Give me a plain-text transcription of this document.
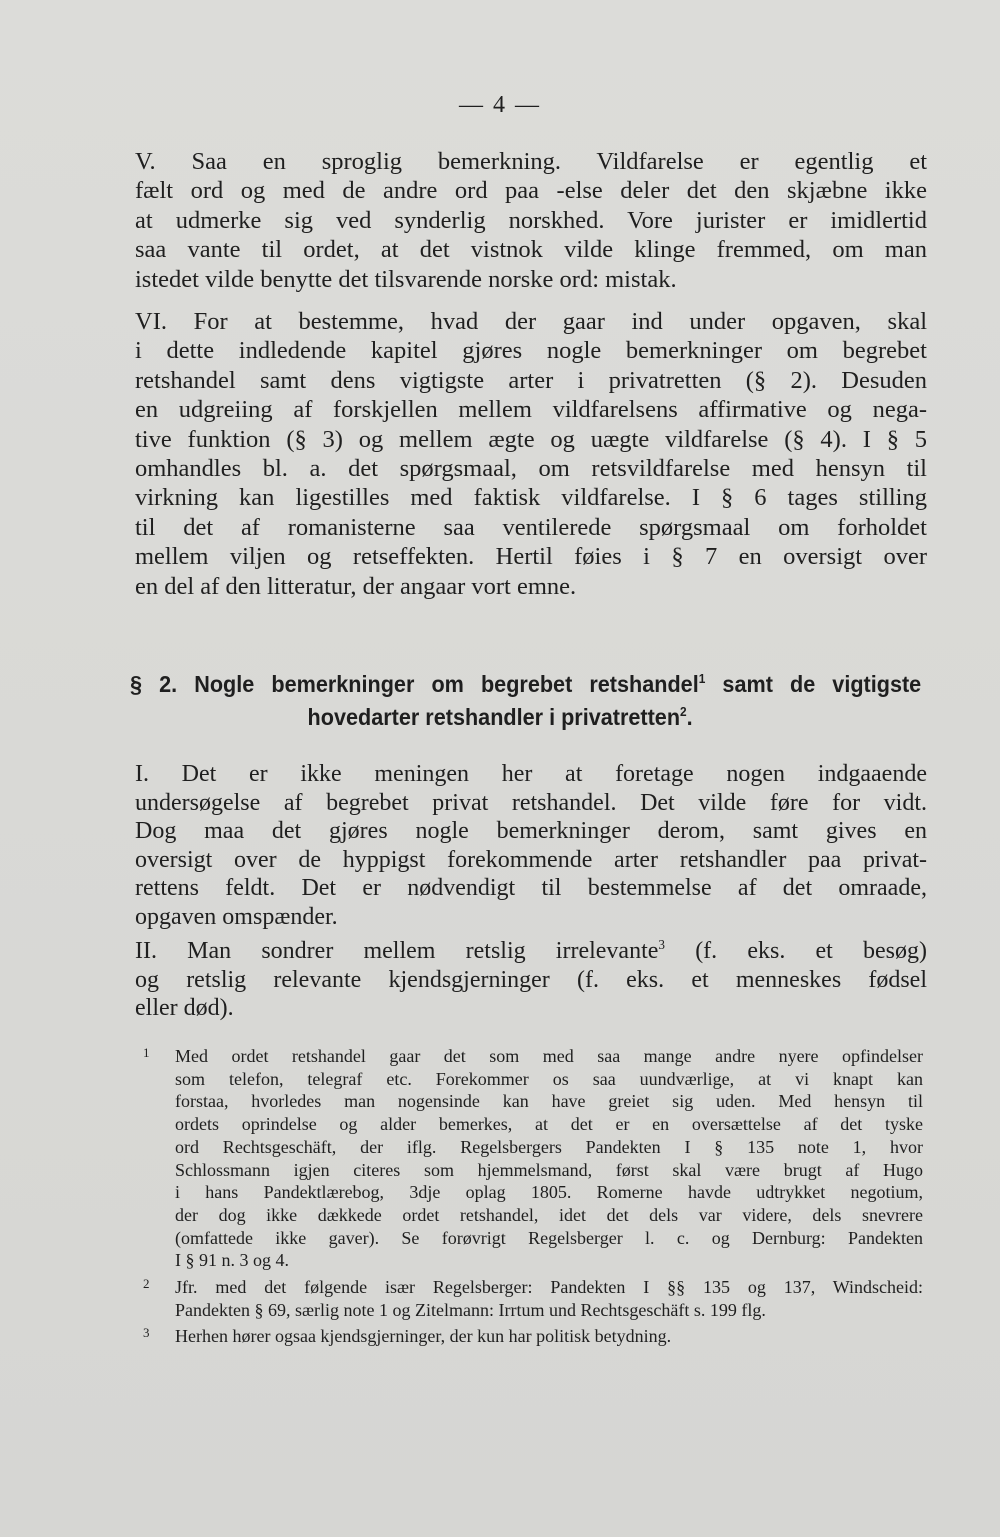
— 4 —
V. Saa en sproglig bemerkning. Vildfarelse er egentlig et
fælt ord og med de andre ord paa -else deler det den skjæbne ikke
at udmerke sig ved synderlig norskhed. Vore jurister er imidlertid
saa vante til ordet, at det vistnok vilde klinge fremmed, om man
istedet vilde benytte det tilsvarende norske ord: mistak.
VI. For at bestemme, hvad der gaar ind under opgaven, skal
i dette indledende kapitel gjøres nogle bemerkninger om begrebet
retshandel samt dens vigtigste arter i privatretten (§ 2). Desuden
en udgreiing af forskjellen mellem vildfarelsens affirmative og nega-
tive funktion (§ 3) og mellem ægte og uægte vildfarelse (§ 4). I § 5
omhandles bl. a. det spørgsmaal, om retsvildfarelse med hensyn til
virkning kan ligestilles med faktisk vildfarelse. I § 6 tages stilling
til det af romanisterne saa ventilerede spørgsmaal om forholdet
mellem viljen og retseffekten. Hertil føies i § 7 en oversigt over
en del af den litteratur, der angaar vort emne.
§ 2. Nogle bemerkninger om begrebet retshandel$^1$ samt de vigtigste
hovedarter retshandler i privatretten$^2$.
I. Det er ikke meningen her at foretage nogen indgaaende
undersøgelse af begrebet privat retshandel. Det vilde føre for vidt.
Dog maa det gjøres nogle bemerkninger derom, samt gives en
oversigt over de hyppigst forekommende arter retshandler paa privat-
rettens feldt. Det er nødvendigt til bestemmelse af det omraade,
opgaven omspænder.
II. Man sondrer mellem retslig irrelevante$^3$ (f. eks. et besøg)
og retslig relevante kjendsgjerninger (f. eks. et menneskes fødsel
eller død).
1 Med ordet retshandel gaar det som med saa mange andre nyere opfindelser
som telefon, telegraf etc. Forekommer os saa uundværlige, at vi knapt kan
forstaa, hvorledes man nogensinde kan have greiet sig uden. Med hensyn til
ordets oprindelse og alder bemerkes, at det er en oversættelse af det tyske
ord Rechtsgeschäft, der iflg. Regelsbergers Pandekten I § 135 note 1, hvor
Schlossmann igjen citeres som hjemmelsmand, først skal være brugt af Hugo
i hans Pandektlærebog, 3dje oplag 1805. Romerne havde udtrykket negotium,
der dog ikke dækkede ordet retshandel, idet det dels var videre, dels snevrere
(omfattede ikke gaver). Se forøvrigt Regelsberger l. c. og Dernburg: Pandekten
I § 91 n. 3 og 4.
2 Jfr. med det følgende især Regelsberger: Pandekten I §§ 135 og 137, Windscheid:
Pandekten § 69, særlig note 1 og Zitelmann: Irrtum und Rechtsgeschäft s. 199 flg.
3 Herhen hører ogsaa kjendsgjerninger, der kun har politisk betydning.
